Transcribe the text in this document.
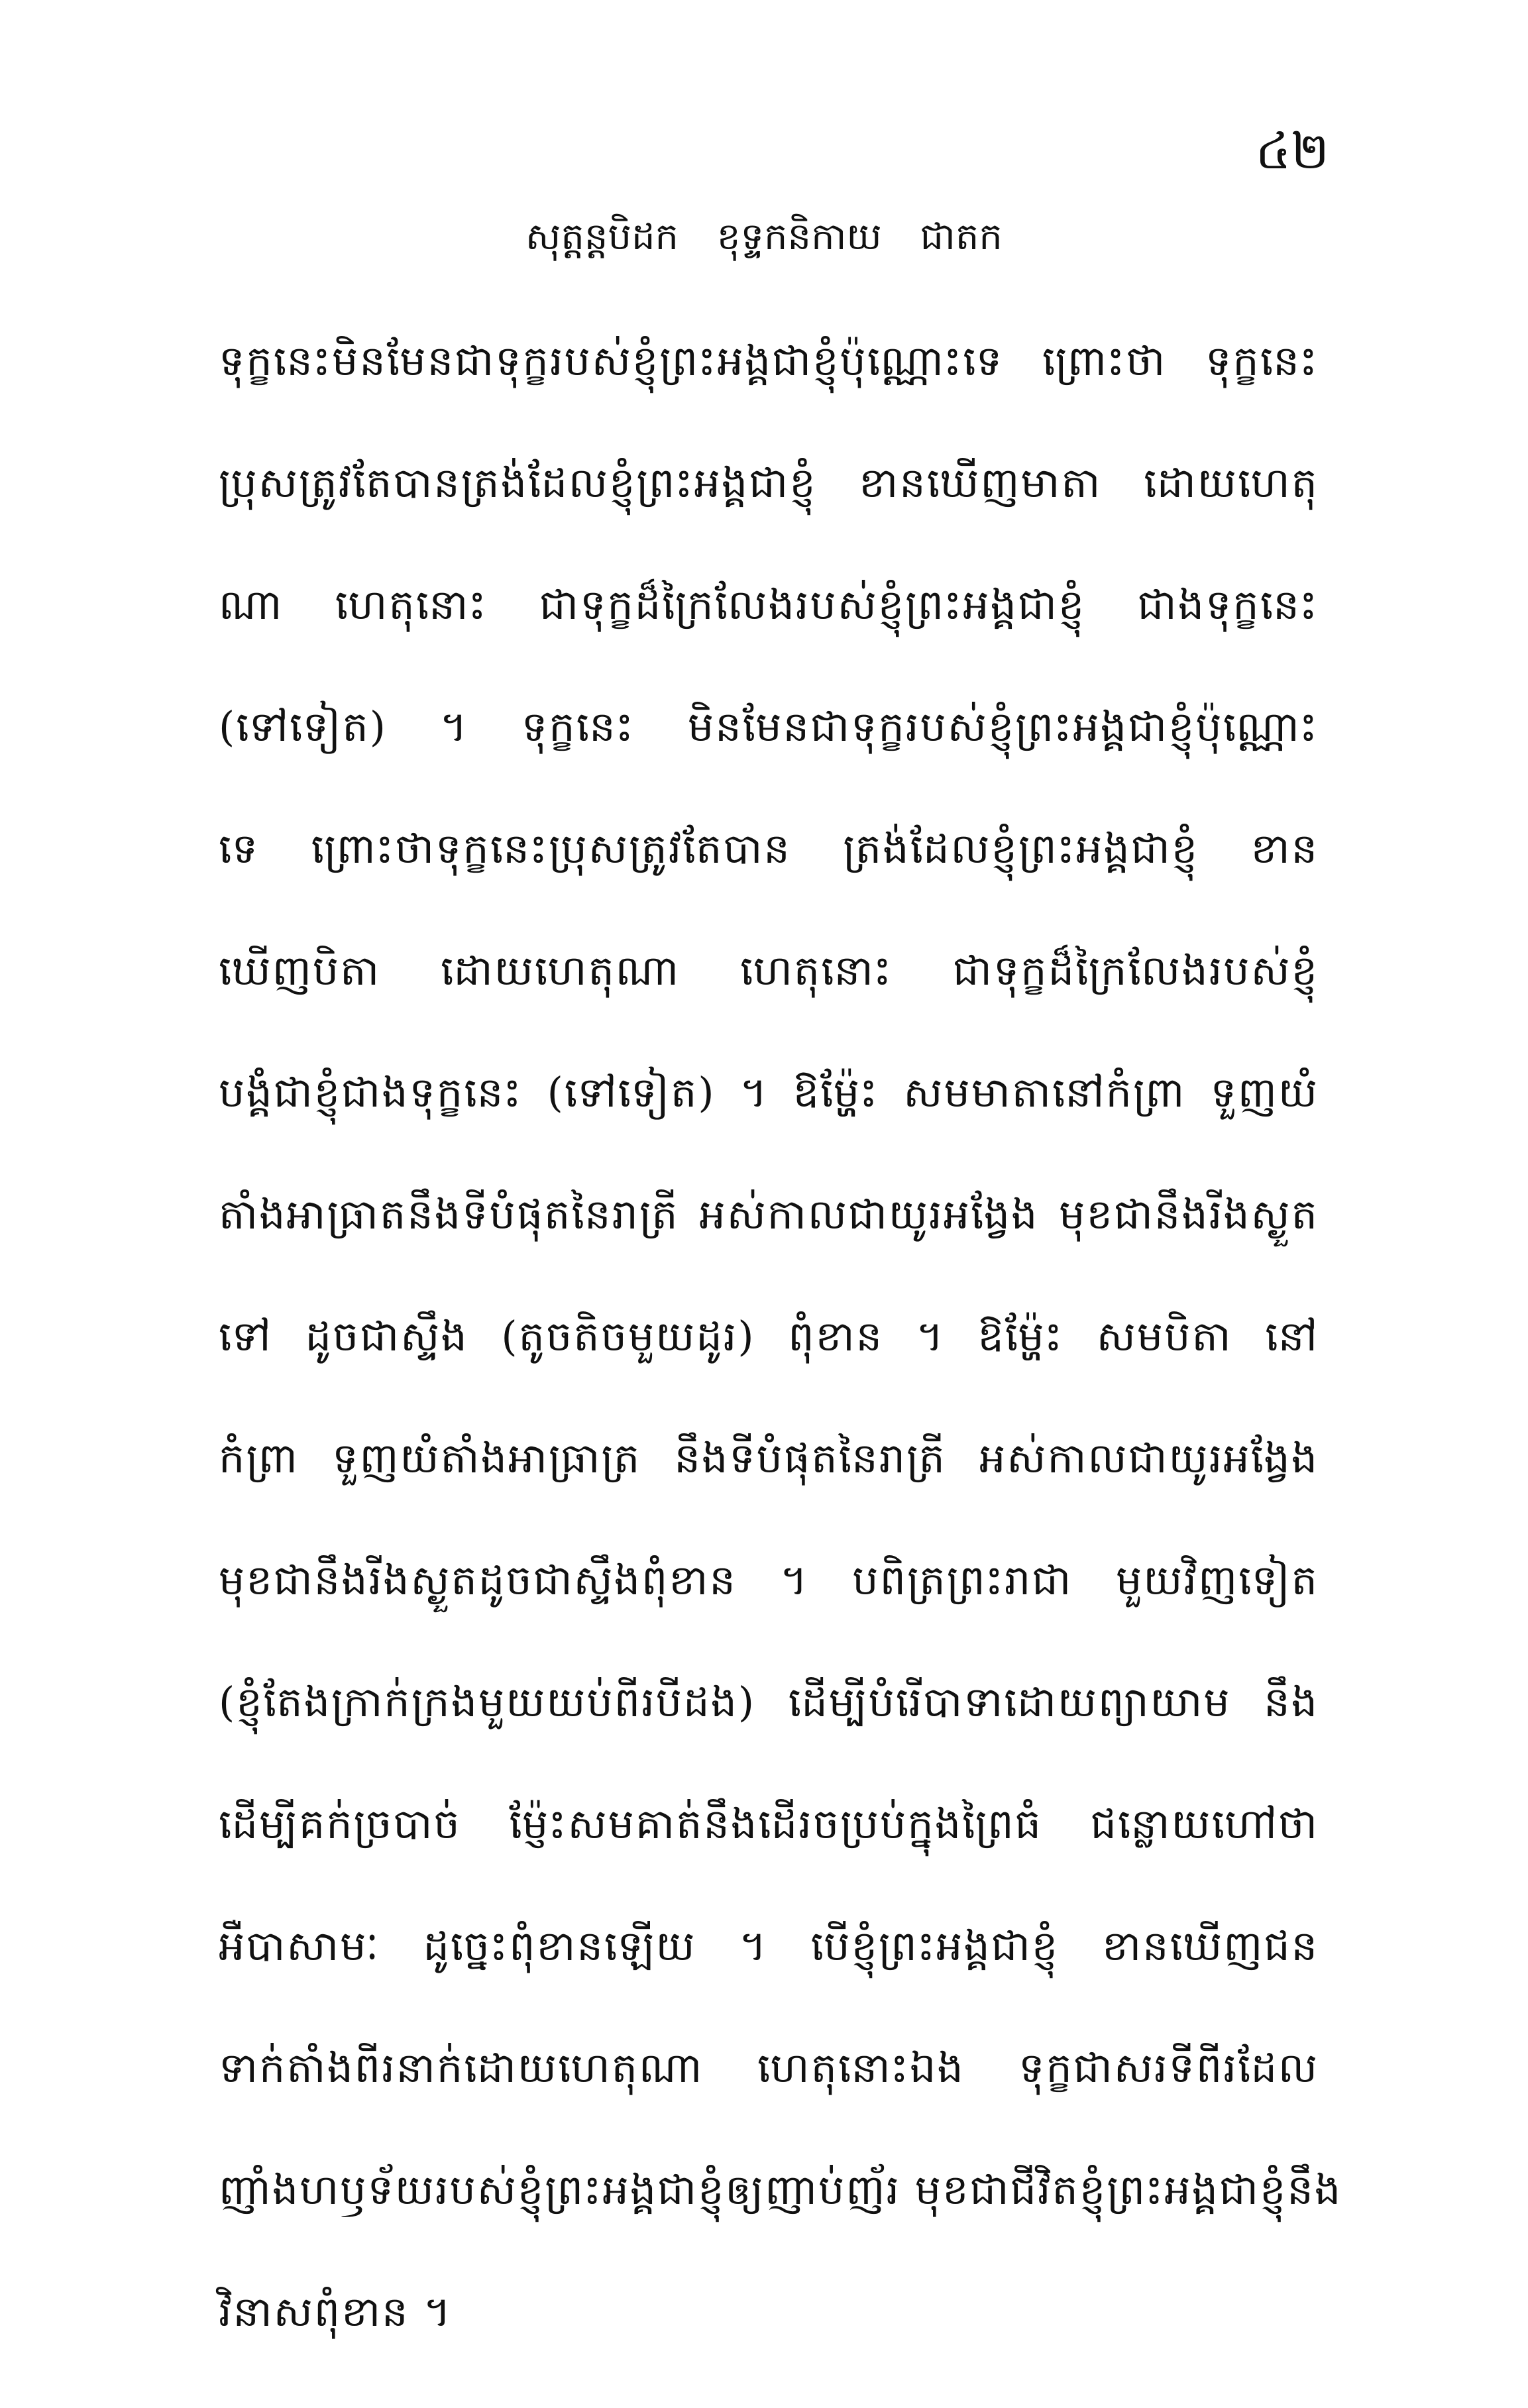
៤២
សុត្តន្តបិដក ខុទ្ទកនិកាយ ជាតក
ទុក្ខនេះមិនមែនជាទុក្ខរបស់ខ្ញុំព្រះអង្គជាខ្ញុំប៉ុណ្ណោះទេ ព្រោះថា ទុក្ខនេះ
ប្រុសត្រូវតែបានត្រង់ដែលខ្ញុំព្រះអង្គជាខ្ញុំ ខានឃើញមាតា ដោយហេតុ
ណា ហេតុនោះ ជាទុក្ខដ៏ក្រៃលែងរបស់ខ្ញុំព្រះអង្គជាខ្ញុំ ជាងទុក្ខនេះ
(ទៅទៀត) ។ ទុក្ខនេះ មិនមែនជាទុក្ខរបស់ខ្ញុំព្រះអង្គជាខ្ញុំប៉ុណ្ណោះ
ទេ ព្រោះថាទុក្ខនេះប្រុសត្រូវតែបាន ត្រង់ដែលខ្ញុំព្រះអង្គជាខ្ញុំ ខាន
ឃើញបិតា ដោយហេតុណា ហេតុនោះ ជាទុក្ខដ៏ក្រៃលែងរបស់ខ្ញុំ
បង្គំជាខ្ញុំជាងទុក្ខនេះ (ទៅទៀត) ។ ឱម្ហ៉ែះ សមមាតានៅកំព្រា ទួញយំ
តាំងអាធ្រាតនឹងទីបំផុតនៃរាត្រី អស់កាលជាយូរអង្វែង មុខជានឹងរីងស្ងួត
ទៅ ដូចជាស្ទឹង (តូចតិចមួយដូរ) ពុំខាន ។ ឱម្ហ៉ែះ សមបិតា នៅ
កំព្រា ទួញយំតាំងអាធ្រាត្រ នឹងទីបំផុតនៃរាត្រី អស់កាលជាយូរអង្វែង
មុខជានឹងរីងស្ងួតដូចជាស្ទឹងពុំខាន ។ បពិត្រព្រះរាជា មួយវិញទៀត
(ខ្ញុំតែងក្រាក់ក្រងមួយយប់ពីរបីដង) ដើម្បីបំរើបាទាដោយព្យាយាម នឹង
ដើម្បីគក់ច្របាច់ ម៉្ញែះសមគាត់នឹងដើរចប្រប់ក្នុងព្រៃធំ ជន្លោយហៅថា
អឺបាសាមៈ ដូច្នេះពុំខានឡើយ ។ បើខ្ញុំព្រះអង្គជាខ្ញុំ ខានឃើញជន
ទាក់តាំងពីរនាក់ដោយហេតុណា ហេតុនោះឯង ទុក្ខជាសរទីពីរដែល
ញាំងហឫទ័យរបស់ខ្ញុំព្រះអង្គជាខ្ញុំឲ្យញាប់ញ័រ មុខជាជីវិតខ្ញុំព្រះអង្គជាខ្ញុំនឹង
វិនាសពុំខាន ។
